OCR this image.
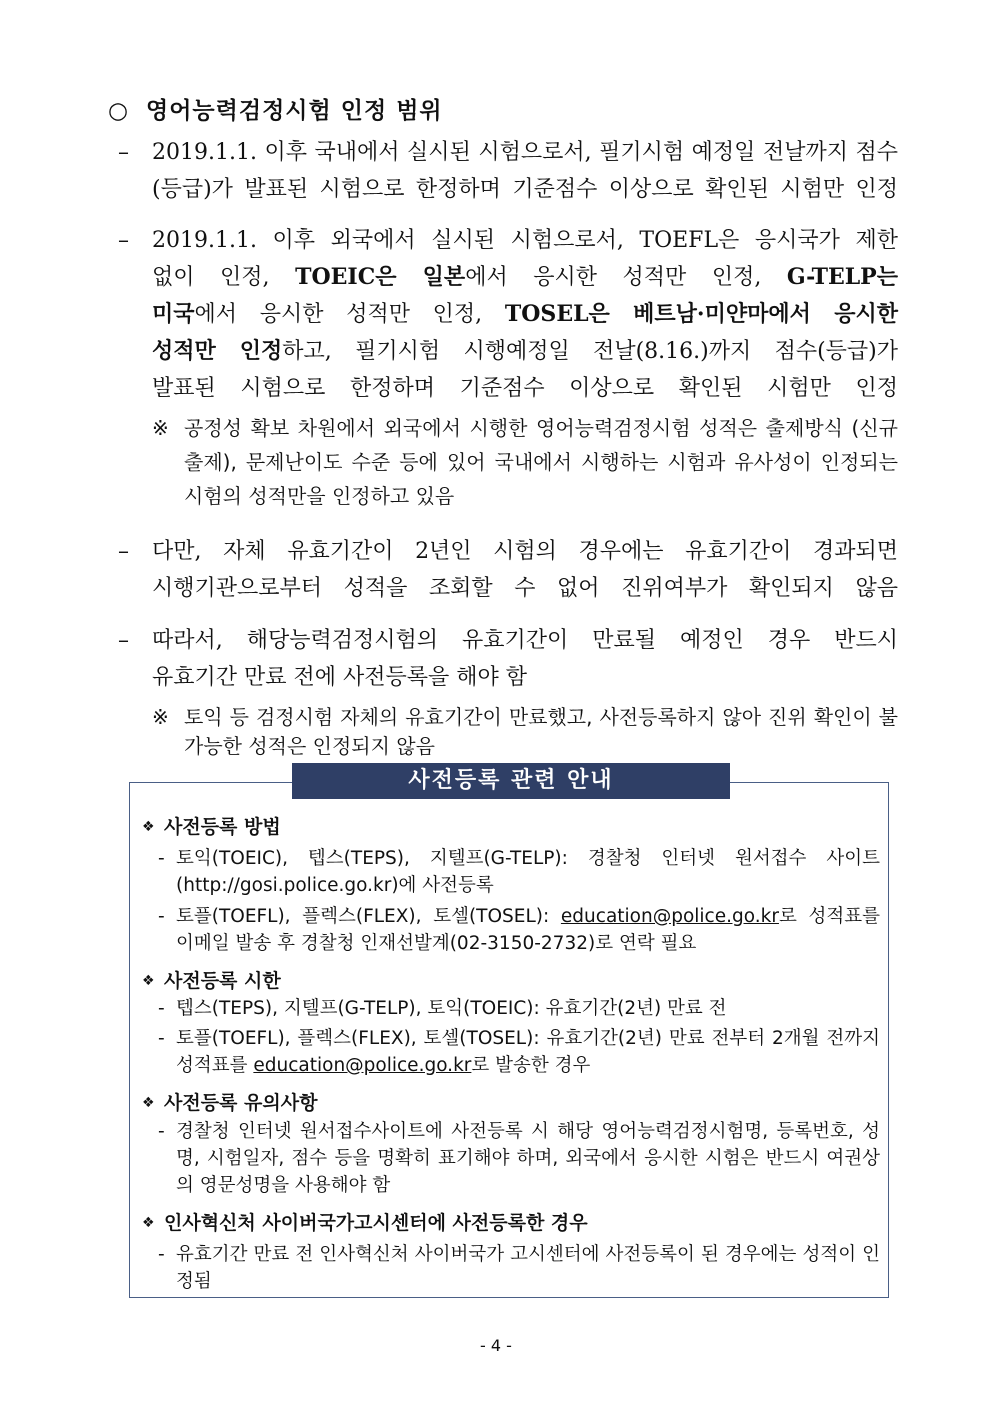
○ 영어능력검정시험 인정 범위
–	2019.1.1. 이후 국내에서 실시된 시험으로서, 필기시험 예정일 전날까지 점수
(등급)가 발표된 시험으로 한정하며 기준점수 이상으로 확인된 시험만 인정
–	2019.1.1. 이후 외국에서 실시된 시험으로서, TOEFL은 응시국가 제한
없이 인정, TOEIC은 일본에서 응시한 성적만 인정, G-TELP는
미국에서 응시한 성적만 인정, TOSEL은 베트남·미얀마에서 응시한
성적만 인정하고, 필기시험 시행예정일 전날(8.16.)까지 점수(등급)가
발표된 시험으로 한정하며 기준점수 이상으로 확인된 시험만 인정
※ 공정성 확보 차원에서 외국에서 시행한 영어능력검정시험 성적은 출제방식 (신규출제), 문제난이도 수준 등에 있어 국내에서 시행하는 시험과 유사성이 인정되는 시험의 성적만을 인정하고 있음
–	다만, 자체 유효기간이 2년인 시험의 경우에는 유효기간이 경과되면
시행기관으로부터 성적을 조회할 수 없어 진위여부가 확인되지 않음
–	따라서, 해당능력검정시험의 유효기간이 만료될 예정인 경우 반드시
유효기간 만료 전에 사전등록을 해야 함
※ 토익 등 검정시험 자체의 유효기간이 만료했고, 사전등록하지 않아 진위 확인이 불가능한 성적은 인정되지 않음
사전등록 관련 안내
❖ 사전등록 방법
- 토익(TOEIC), 텝스(TEPS), 지텔프(G-TELP): 경찰청 인터넷 원서접수 사이트 (http://gosi.police.go.kr)에 사전등록
- 토플(TOEFL), 플렉스(FLEX), 토셀(TOSEL): education@police.go.kr로 성적표를 이메일 발송 후 경찰청 인재선발계(02-3150-2732)로 연락 필요
❖ 사전등록 시한
- 텝스(TEPS), 지텔프(G-TELP), 토익(TOEIC): 유효기간(2년) 만료 전
- 토플(TOEFL), 플렉스(FLEX), 토셀(TOSEL): 유효기간(2년) 만료 전부터 2개월 전까지 성적표를 education@police.go.kr로 발송한 경우
❖ 사전등록 유의사항
- 경찰청 인터넷 원서접수사이트에 사전등록 시 해당 영어능력검정시험명, 등록번호, 성명, 시험일자, 점수 등을 명확히 표기해야 하며, 외국에서 응시한 시험은 반드시 여권상의 영문성명을 사용해야 함
❖ 인사혁신처 사이버국가고시센터에 사전등록한 경우
- 유효기간 만료 전 인사혁신처 사이버국가 고시센터에 사전등록이 된 경우에는 성적이 인정됨
- 4 -
